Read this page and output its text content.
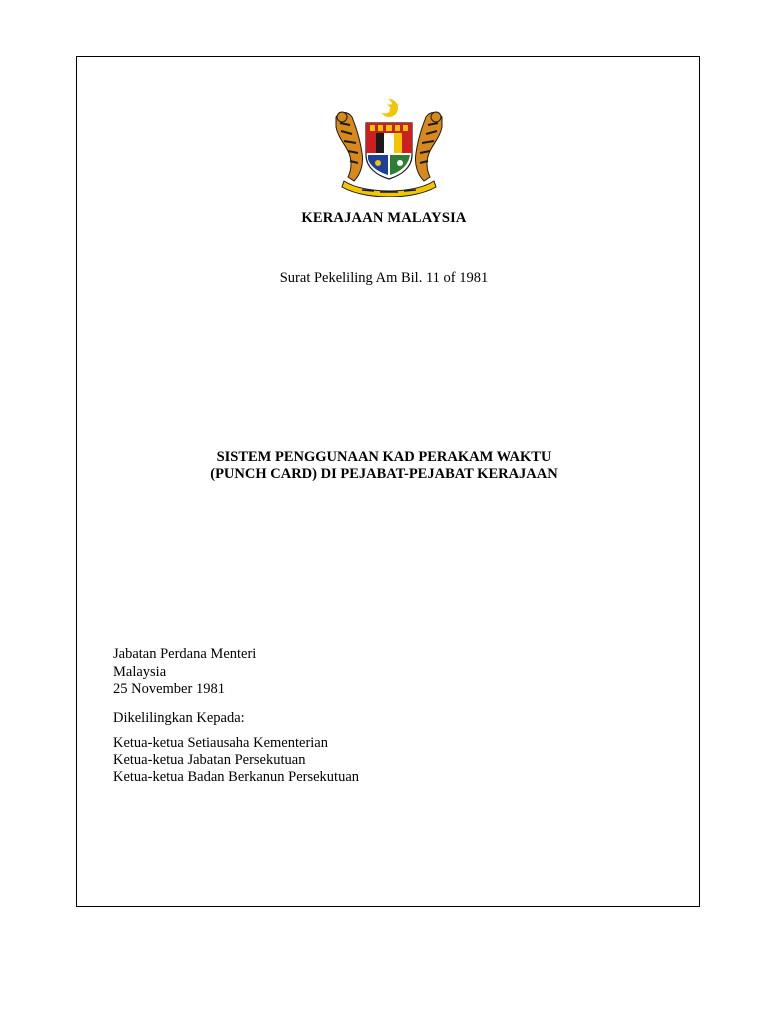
KERAJAAN MALAYSIA
Surat Pekeliling Am Bil. 11 of 1981
SISTEM PENGGUNAAN KAD PERAKAM WAKTU
(PUNCH CARD) DI PEJABAT-PEJABAT KERAJAAN
Jabatan Perdana Menteri
Malaysia
25 November 1981
Dikelilingkan Kepada:
Ketua-ketua Setiausaha Kementerian
Ketua-ketua Jabatan Persekutuan
Ketua-ketua Badan Berkanun Persekutuan
